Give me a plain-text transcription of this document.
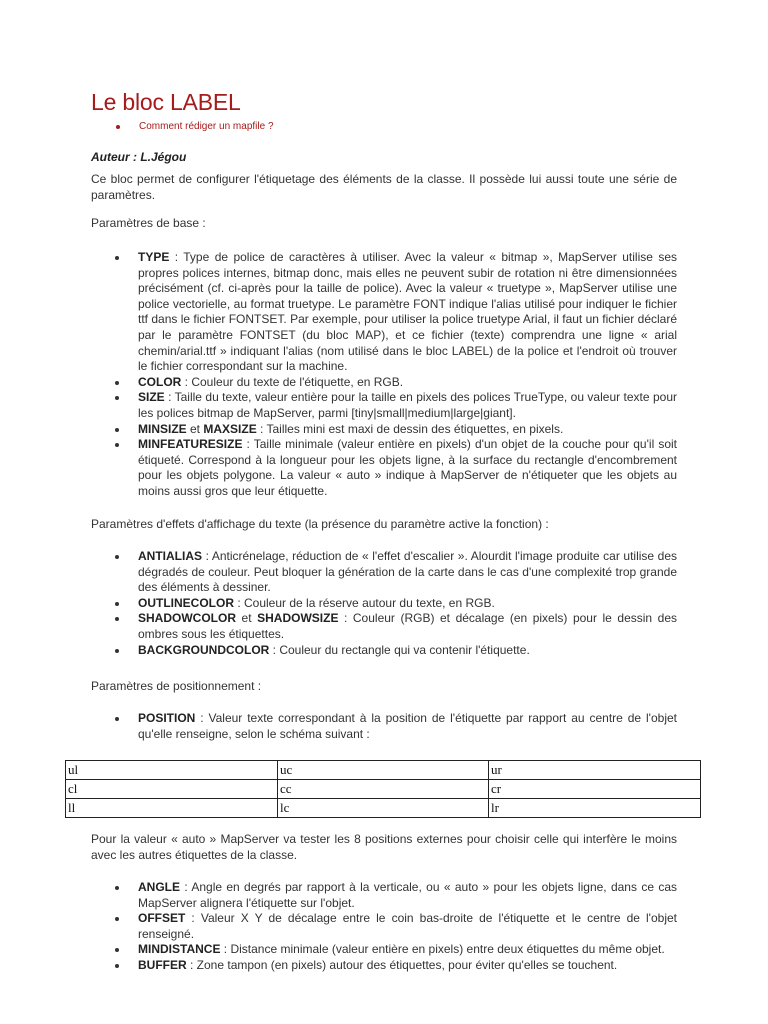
Le bloc LABEL
Comment rédiger un mapfile ?

Auteur : L.Jégou

Ce bloc permet de configurer l'étiquetage des éléments de la classe. Il possède lui aussi toute une série de paramètres.

Paramètres de base :

TYPE : Type de police de caractères à utiliser. Avec la valeur « bitmap », MapServer utilise ses propres polices internes, bitmap donc, mais elles ne peuvent subir de rotation ni être dimensionnées précisément (cf. ci-après pour la taille de police). Avec la valeur « truetype », MapServer utilise une police vectorielle, au format truetype. Le paramètre FONT indique l'alias utilisé pour indiquer le fichier ttf dans le fichier FONTSET. Par exemple, pour utiliser la police truetype Arial, il faut un fichier déclaré par le paramètre FONTSET (du bloc MAP), et ce fichier (texte) comprendra une ligne « arial chemin/arial.ttf » indiquant l'alias (nom utilisé dans le bloc LABEL) de la police et l'endroit où trouver le fichier correspondant sur la machine.
COLOR : Couleur du texte de l'étiquette, en RGB.
SIZE : Taille du texte, valeur entière pour la taille en pixels des polices TrueType, ou valeur texte pour les polices bitmap de MapServer, parmi [tiny|small|medium|large|giant].
MINSIZE et MAXSIZE : Tailles mini est maxi de dessin des étiquettes, en pixels.
MINFEATURESIZE : Taille minimale (valeur entière en pixels) d'un objet de la couche pour qu'il soit étiqueté. Correspond à la longueur pour les objets ligne, à la surface du rectangle d'encombrement pour les objets polygone. La valeur « auto » indique à MapServer de n'étiqueter que les objets au moins aussi gros que leur étiquette.

Paramètres d'effets d'affichage du texte (la présence du paramètre active la fonction) :

ANTIALIAS : Anticrénelage, réduction de « l'effet d'escalier ». Alourdit l'image produite car utilise des dégradés de couleur. Peut bloquer la génération de la carte dans le cas d'une complexité trop grande des éléments à dessiner.
OUTLINECOLOR : Couleur de la réserve autour du texte, en RGB.
SHADOWCOLOR et SHADOWSIZE : Couleur (RGB) et décalage (en pixels) pour le dessin des ombres sous les étiquettes.
BACKGROUNDCOLOR : Couleur du rectangle qui va contenir l'étiquette.

Paramètres de positionnement :

POSITION : Valeur texte correspondant à la position de l'étiquette par rapport au centre de l'objet qu'elle renseigne, selon le schéma suivant :

Pour la valeur « auto » MapServer va tester les 8 positions externes pour choisir celle qui interfère le moins avec les autres étiquettes de la classe.

ANGLE : Angle en degrés par rapport à la verticale, ou « auto » pour les objets ligne, dans ce cas MapServer alignera l'étiquette sur l'objet.
OFFSET : Valeur X Y de décalage entre le coin bas-droite de l'étiquette et le centre de l'objet renseigné.
MINDISTANCE : Distance minimale (valeur entière en pixels) entre deux étiquettes du même objet.
BUFFER : Zone tampon (en pixels) autour des étiquettes, pour éviter qu'elles se touchent.
ul	uc	ur
cl	cc	cr
ll	lc	lr
